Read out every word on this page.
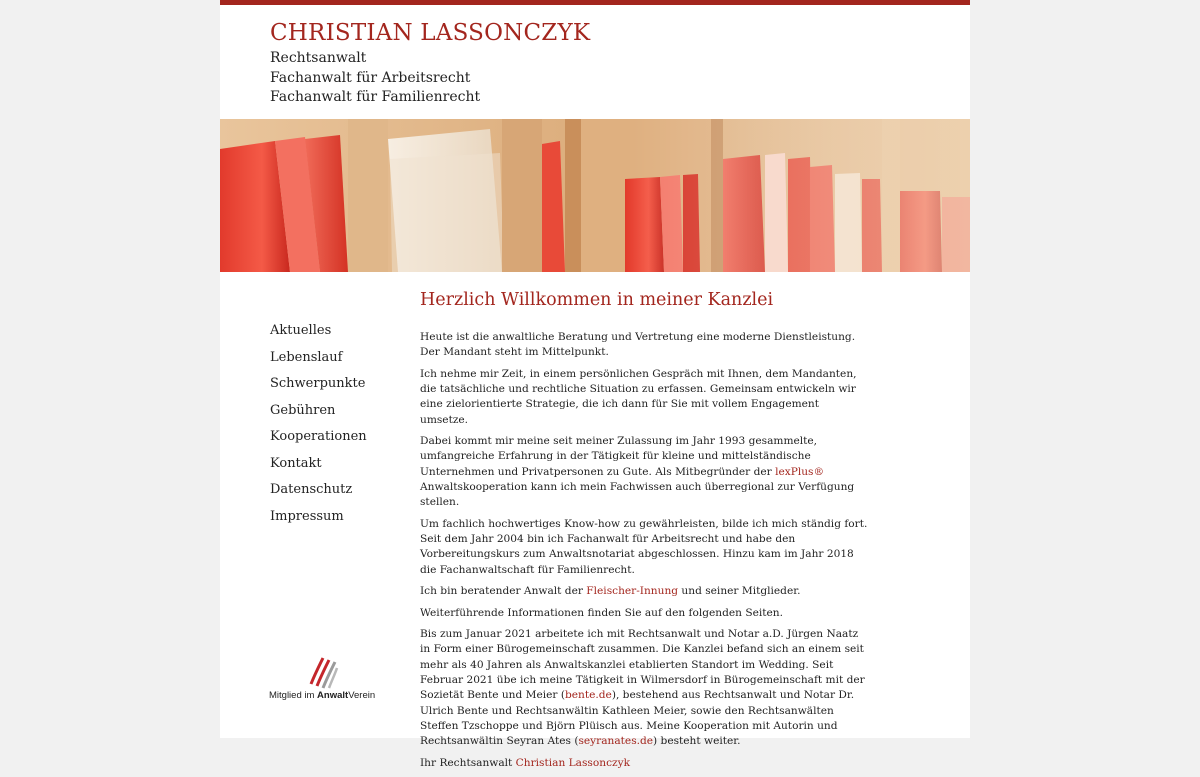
CHRISTIAN LASSONCZYK
Rechtsanwalt
Fachanwalt für Arbeitsrecht
Fachanwalt für Familienrecht
Aktuelles
Lebenslauf
Schwerpunkte
Gebühren
Kooperationen
Kontakt
Datenschutz
Impressum
Mitglied im AnwaltVerein
Herzlich Willkommen in meiner Kanzlei

Heute ist die anwaltliche Beratung und Vertretung eine moderne Dienstleistung. Der Mandant steht im Mittelpunkt.

Ich nehme mir Zeit, in einem persönlichen Gespräch mit Ihnen, dem Mandanten, die tatsächliche und rechtliche Situation zu erfassen. Gemeinsam entwickeln wir eine zielorientierte Strategie, die ich dann für Sie mit vollem Engagement umsetze.

Dabei kommt mir meine seit meiner Zulassung im Jahr 1993 gesammelte, umfangreiche Erfahrung in der Tätigkeit für kleine und mittelständische Unternehmen und Privatpersonen zu Gute. Als Mitbegründer der lexPlus® Anwaltskooperation kann ich mein Fachwissen auch überregional zur Verfügung stellen.

Um fachlich hochwertiges Know-how zu gewährleisten, bilde ich mich ständig fort. Seit dem Jahr 2004 bin ich Fachanwalt für Arbeitsrecht und habe den Vorbereitungskurs zum Anwaltsnotariat abgeschlossen. Hinzu kam im Jahr 2018 die Fachanwaltschaft für Familienrecht.

Ich bin beratender Anwalt der Fleischer-Innung und seiner Mitglieder.

Weiterführende Informationen finden Sie auf den folgenden Seiten.

Bis zum Januar 2021 arbeitete ich mit Rechtsanwalt und Notar a.D. Jürgen Naatz in Form einer Bürogemeinschaft zusammen. Die Kanzlei befand sich an einem seit mehr als 40 Jahren als Anwaltskanzlei etablierten Standort im Wedding. Seit Februar 2021 übe ich meine Tätigkeit in Wilmersdorf in Bürogemeinschaft mit der Sozietät Bente und Meier (bente.de), bestehend aus Rechtsanwalt und Notar Dr. Ulrich Bente und Rechtsanwältin Kathleen Meier, sowie den Rechtsanwälten Steffen Tzschoppe und Björn Plüisch aus. Meine Kooperation mit Autorin und Rechtsanwältin Seyran Ates (seyranates.de) besteht weiter.

Ihr Rechtsanwalt Christian Lassonczyk
